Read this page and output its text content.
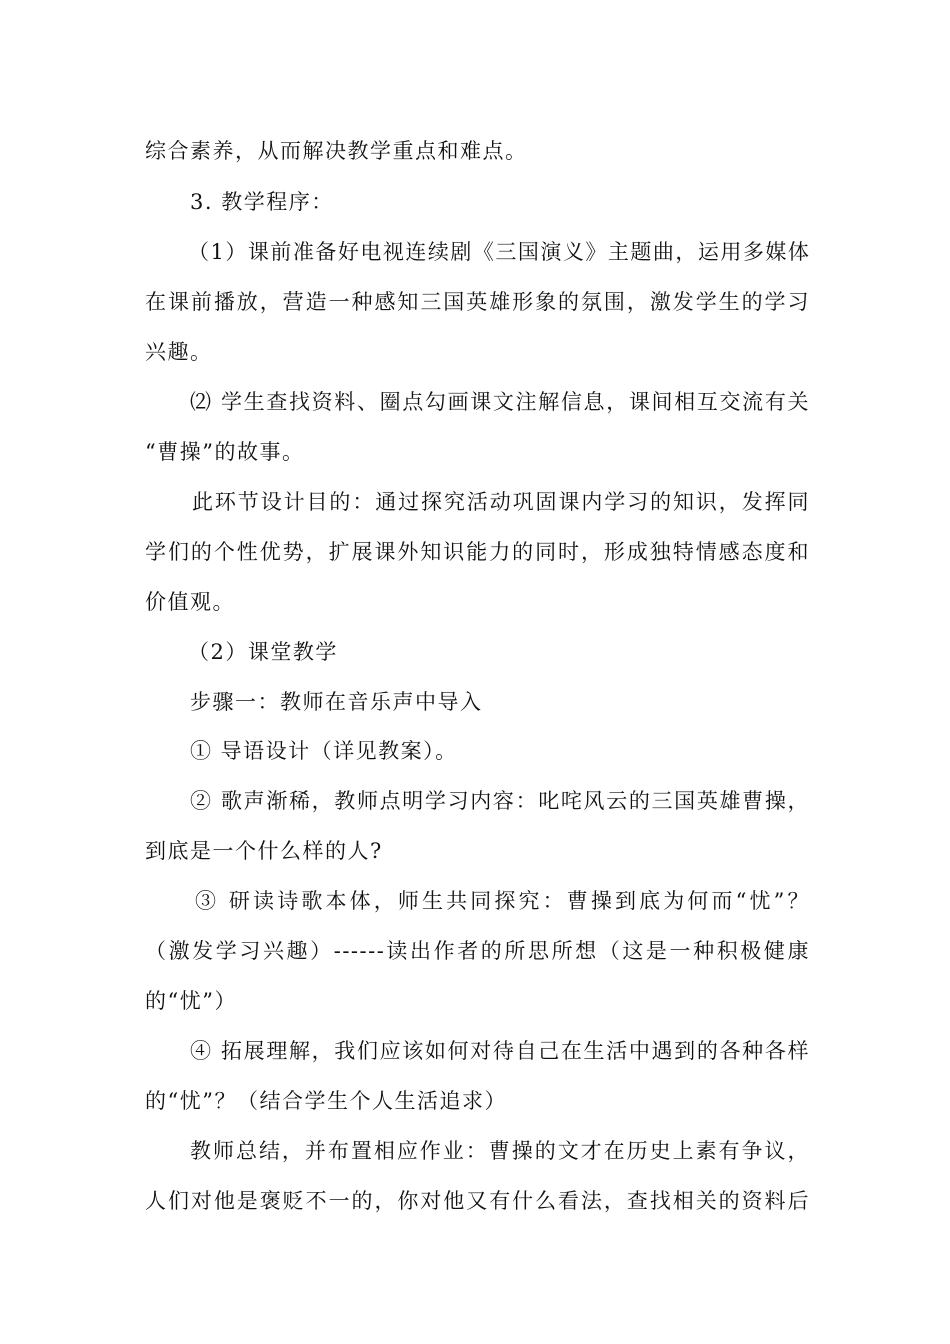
综合素养，从而解决教学重点和难点。
3. 教学程序：
（1）课前准备好电视连续剧《三国演义》主题曲，运用多媒体
在课前播放，营造一种感知三国英雄形象的氛围，激发学生的学习
兴趣。
⑵ 学生查找资料、圈点勾画课文注解信息，课间相互交流有关
“曹操”的故事。
此环节设计目的：通过探究活动巩固课内学习的知识，发挥同
学们的个性优势，扩展课外知识能力的同时，形成独特情感态度和
价值观。
（2）课堂教学
步骤一：教师在音乐声中导入
① 导语设计（详见教案）。
② 歌声渐稀，教师点明学习内容：叱咤风云的三国英雄曹操，
到底是一个什么样的人?
③ 研读诗歌本体，师生共同探究：曹操到底为何而“忧”？
（激发学习兴趣）------读出作者的所思所想（这是一种积极健康
的“忧”）
④ 拓展理解，我们应该如何对待自己在生活中遇到的各种各样
的“忧”？（结合学生个人生活追求）
教师总结，并布置相应作业：曹操的文才在历史上素有争议，
人们对他是褒贬不一的，你对他又有什么看法，查找相关的资料后
